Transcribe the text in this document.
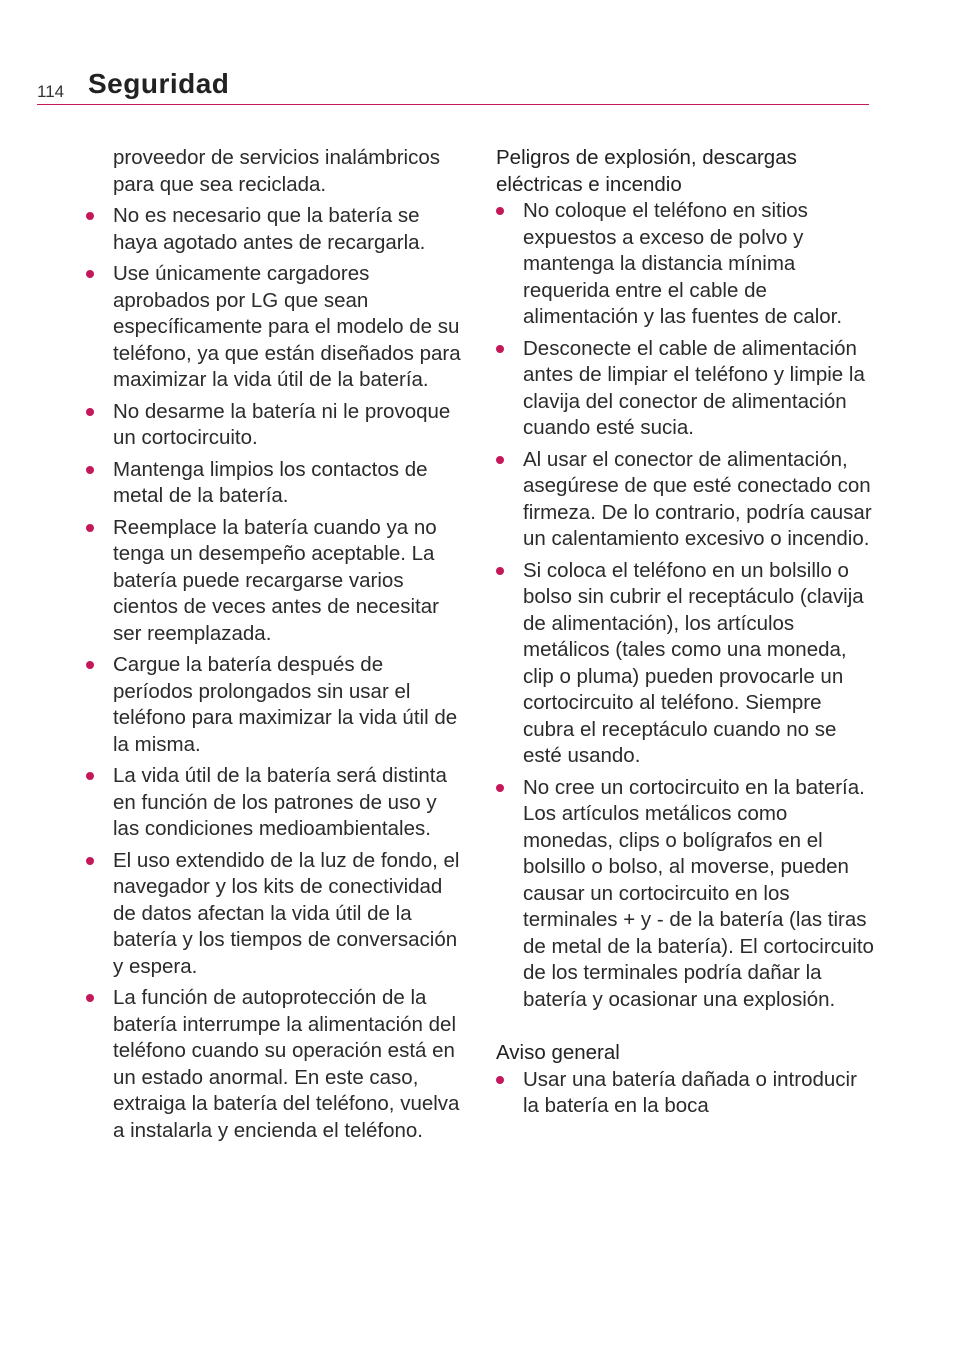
114 Seguridad

proveedor de servicios inalámbricos para que sea reciclada.

No es necesario que la batería se haya agotado antes de recargarla.
Use únicamente cargadores aprobados por LG que sean específicamente para el modelo de su teléfono, ya que están diseñados para maximizar la vida útil de la batería.
No desarme la batería ni le provoque un cortocircuito.
Mantenga limpios los contactos de metal de la batería.
Reemplace la batería cuando ya no tenga un desempeño aceptable. La batería puede recargarse varios cientos de veces antes de necesitar ser reemplazada.
Cargue la batería después de períodos prolongados sin usar el teléfono para maximizar la vida útil de la misma.
La vida útil de la batería será distinta en función de los patrones de uso y las condiciones medioambientales.
El uso extendido de la luz de fondo, el navegador y los kits de conectividad de datos afectan la vida útil de la batería y los tiempos de conversación y espera.
La función de autoprotección de la batería interrumpe la alimentación del teléfono cuando su operación está en un estado anormal. En este caso, extraiga la batería del teléfono, vuelva a instalarla y encienda el teléfono.
Peligros de explosión, descargas eléctricas e incendio
No coloque el teléfono en sitios expuestos a exceso de polvo y mantenga la distancia mínima requerida entre el cable de alimentación y las fuentes de calor.
Desconecte el cable de alimentación antes de limpiar el teléfono y limpie la clavija del conector de alimentación cuando esté sucia.
Al usar el conector de alimentación, asegúrese de que esté conectado con firmeza. De lo contrario, podría causar un calentamiento excesivo o incendio.
Si coloca el teléfono en un bolsillo o bolso sin cubrir el receptáculo (clavija de alimentación), los artículos metálicos (tales como una moneda, clip o pluma) pueden provocarle un cortocircuito al teléfono. Siempre cubra el receptáculo cuando no se esté usando.
No cree un cortocircuito en la batería. Los artículos metálicos como monedas, clips o bolígrafos en el bolsillo o bolso, al moverse, pueden causar un cortocircuito en los terminales + y - de la batería (las tiras de metal de la batería). El cortocircuito de los terminales podría dañar la batería y ocasionar una explosión.
Aviso general
Usar una batería dañada o introducir la batería en la boca
